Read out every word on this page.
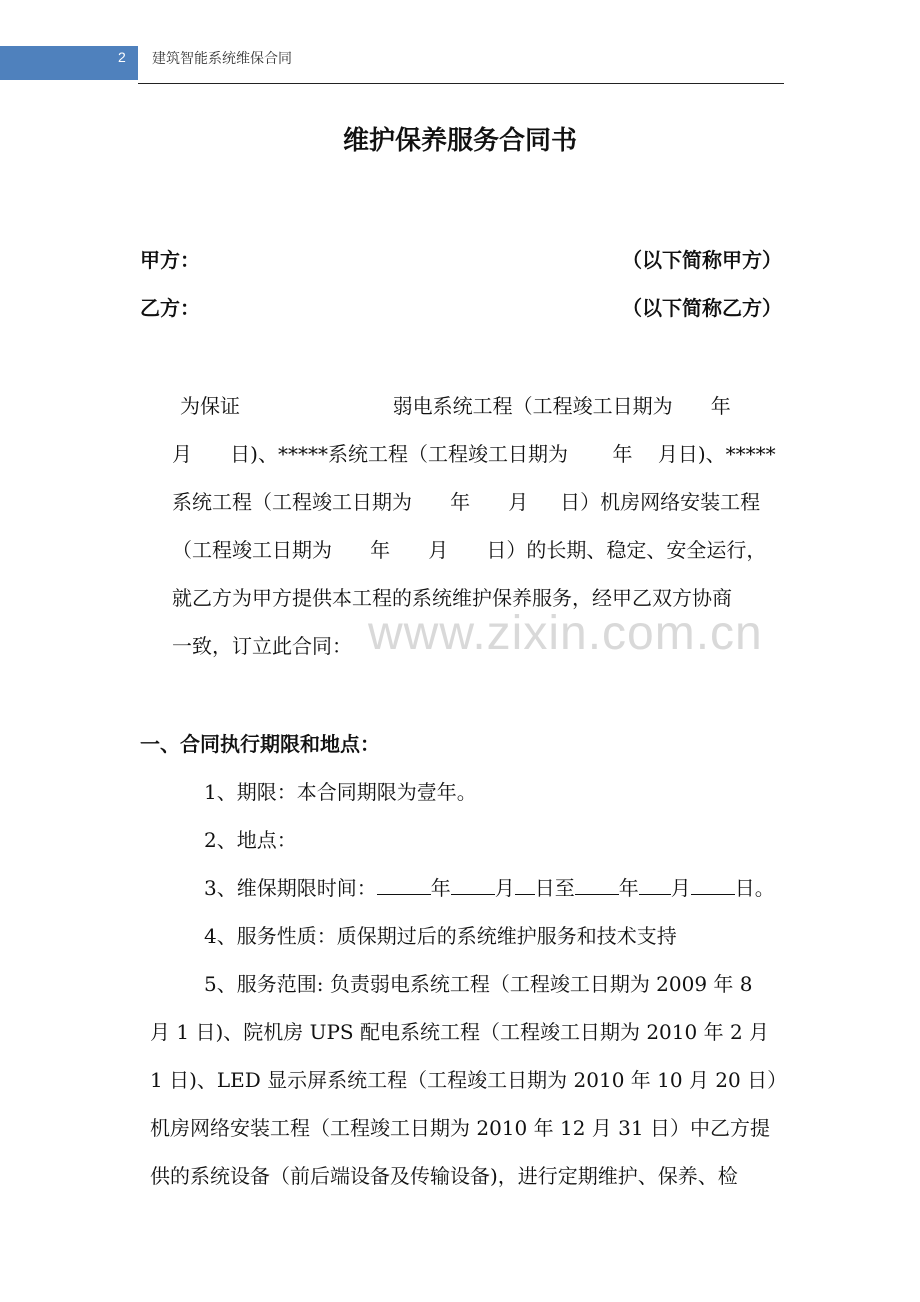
2 建筑智能系统维保合同
维护保养服务合同书
甲方：	（以下简称甲方）
乙方：	（以下简称乙方）
为保证                        弱电系统工程（工程竣工日期为      年
月      日)、*****系统工程（工程竣工日期为       年    月日)、*****
系统工程（工程竣工日期为      年      月     日）机房网络安装工程
（工程竣工日期为      年      月      日）的长期、稳定、安全运行，
就乙方为甲方提供本工程的系统维护保养服务，经甲乙双方协商
一致，订立此合同： www.zixin.com.cn
一、合同执行期限和地点：
1、期限：本合同期限为壹年。
2、地点：
3、维保期限时间：	年 月 日至 年 月 日。
4、服务性质：质保期过后的系统维护服务和技术支持
5、服务范围: 负责弱电系统工程（工程竣工日期为 2009 年 8
月 1 日)、院机房 UPS 配电系统工程（工程竣工日期为 2010 年 2 月
1 日)、LED 显示屏系统工程（工程竣工日期为 2010 年 10 月 20 日）
机房网络安装工程（工程竣工日期为 2010 年 12 月 31 日）中乙方提
供的系统设备（前后端设备及传输设备)，进行定期维护、保养、检
